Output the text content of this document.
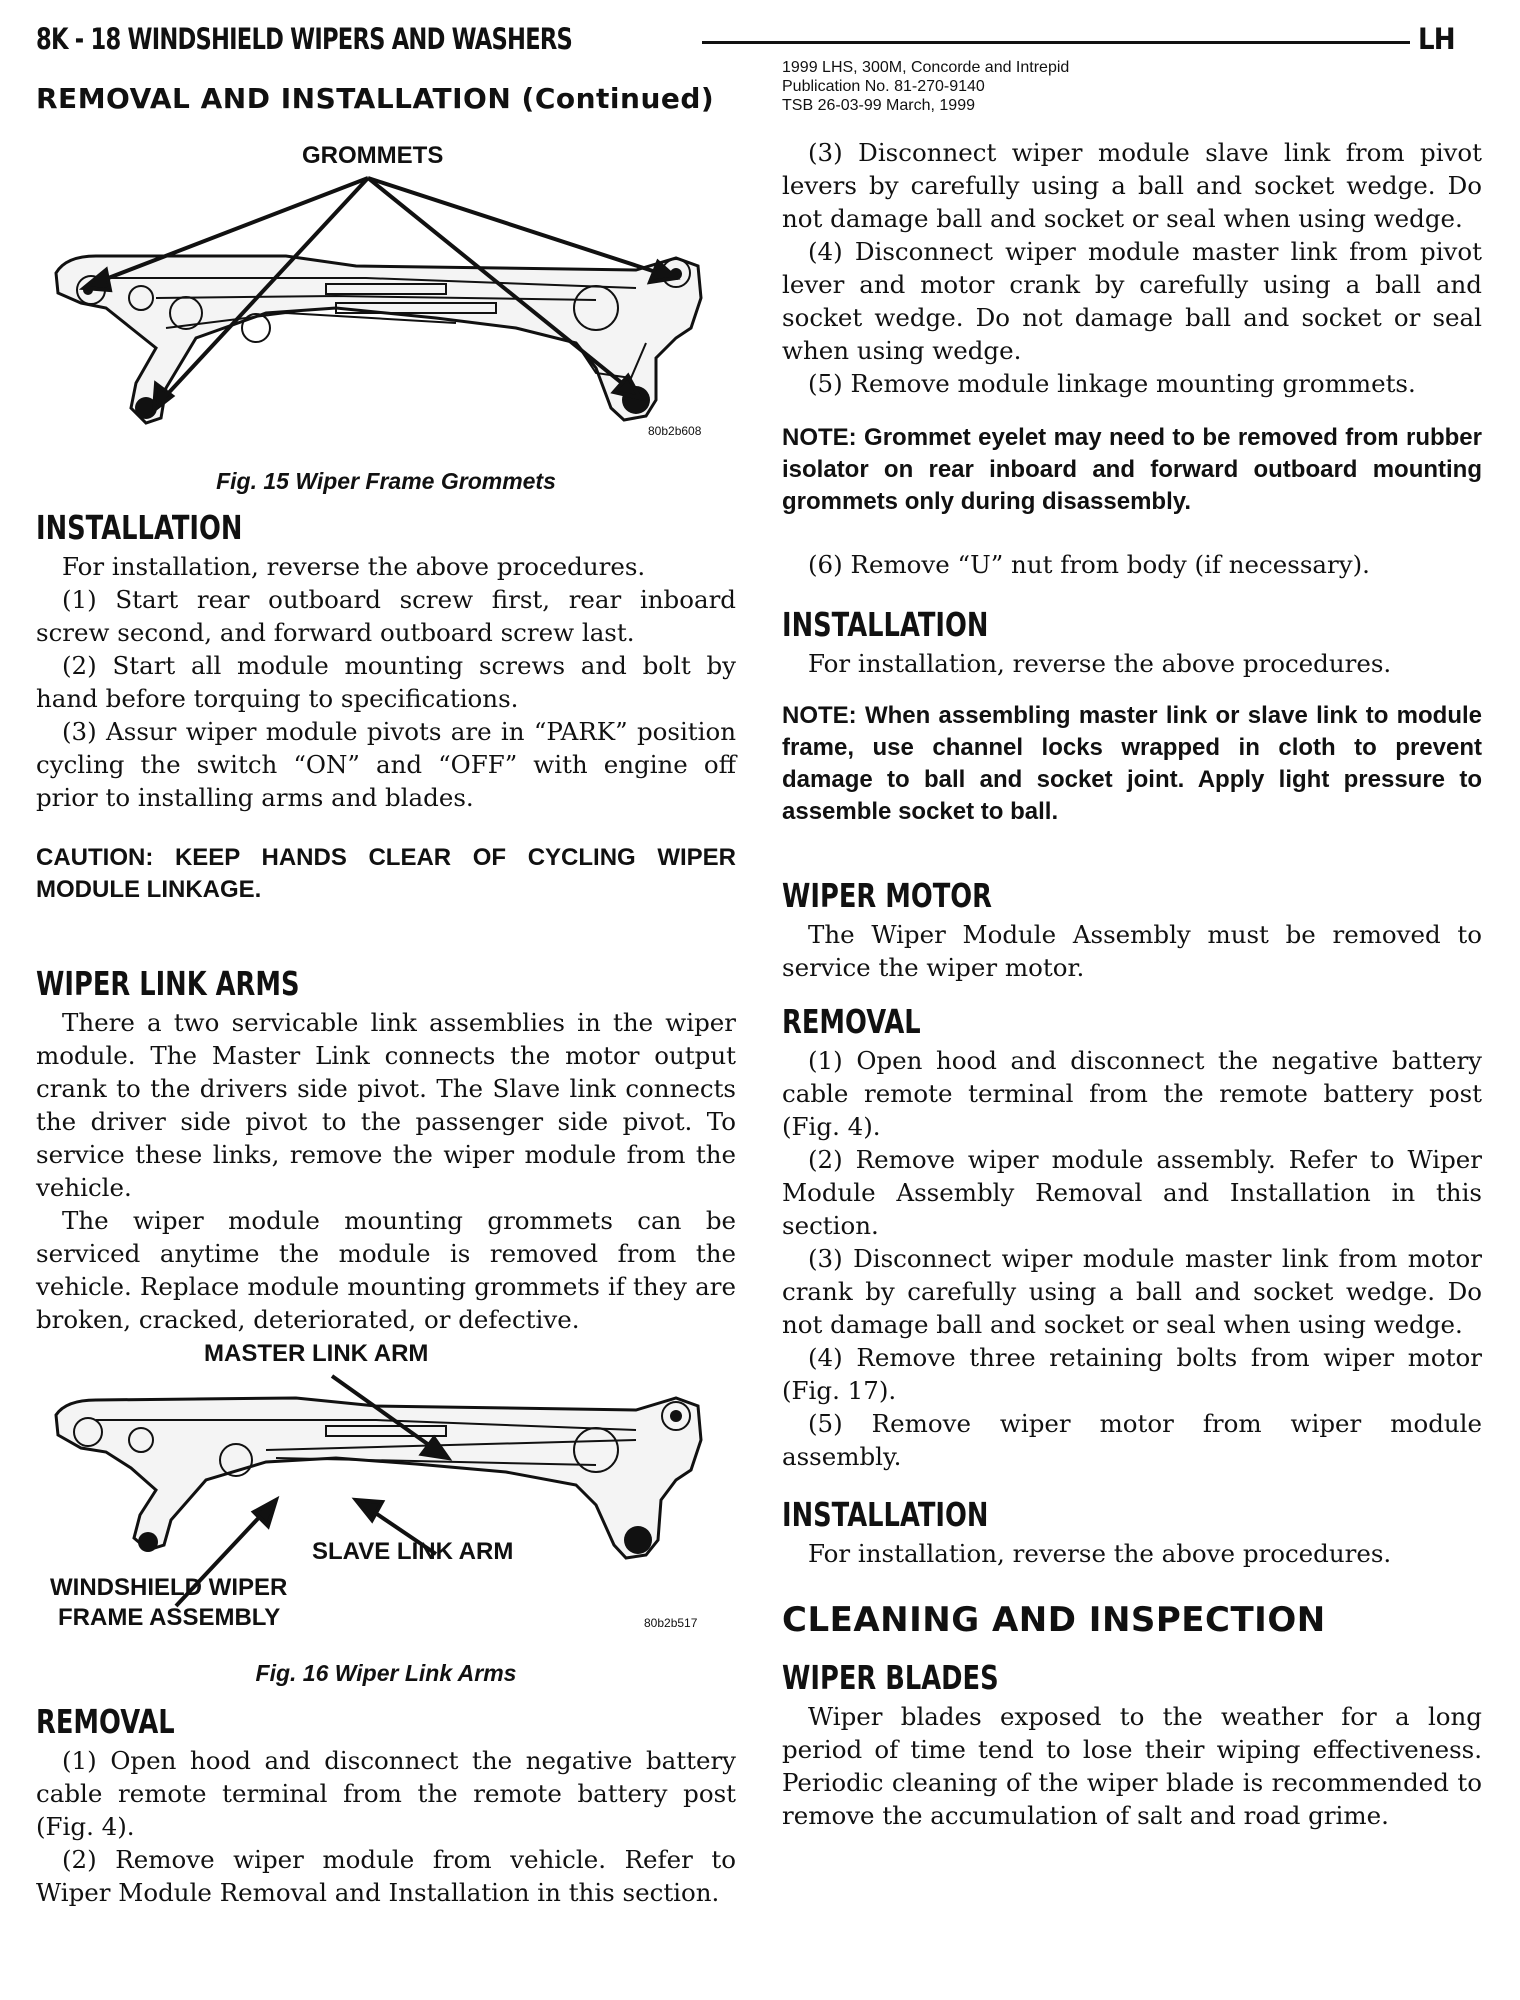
8K - 18 WINDSHIELD WIPERS AND WASHERS	LH
REMOVAL AND INSTALLATION (Continued)
1999 LHS, 300M, Concorde and Intrepid
Publication No. 81-270-9140
TSB 26-03-99 March, 1999
GROMMETS
80b2b608
Fig. 15 Wiper Frame Grommets
INSTALLATION

For installation, reverse the above procedures.

(1) Start rear outboard screw first, rear inboard screw second, and forward outboard screw last.

(2) Start all module mounting screws and bolt by hand before torquing to specifications.

(3) Assur wiper module pivots are in “PARK” position cycling the switch “ON” and “OFF” with engine off prior to installing arms and blades.

CAUTION: KEEP HANDS CLEAR OF CYCLING WIPER MODULE LINKAGE.

WIPER LINK ARMS

There a two servicable link assemblies in the wiper module. The Master Link connects the motor output crank to the drivers side pivot. The Slave link connects the driver side pivot to the passenger side pivot. To service these links, remove the wiper module from the vehicle.

The wiper module mounting grommets can be serviced anytime the module is removed from the vehicle. Replace module mounting grommets if they are broken, cracked, deteriorated, or defective.

MASTER LINK ARM
SLAVE LINK ARM
WINDSHIELD WIPER
FRAME ASSEMBLY	80b2b517
Fig. 16 Wiper Link Arms
REMOVAL

(1) Open hood and disconnect the negative battery cable remote terminal from the remote battery post (Fig. 4).

(2) Remove wiper module from vehicle. Refer to Wiper Module Removal and Installation in this section.

(3) Disconnect wiper module slave link from pivot levers by carefully using a ball and socket wedge. Do not damage ball and socket or seal when using wedge.

(4) Disconnect wiper module master link from pivot lever and motor crank by carefully using a ball and socket wedge. Do not damage ball and socket or seal when using wedge.

(5) Remove module linkage mounting grommets.

NOTE: Grommet eyelet may need to be removed from rubber isolator on rear inboard and forward outboard mounting grommets only during disassembly.

(6) Remove “U” nut from body (if necessary).

INSTALLATION

For installation, reverse the above procedures.

NOTE: When assembling master link or slave link to module frame, use channel locks wrapped in cloth to prevent damage to ball and socket joint. Apply light pressure to assemble socket to ball.

WIPER MOTOR

The Wiper Module Assembly must be removed to service the wiper motor.

REMOVAL

(1) Open hood and disconnect the negative battery cable remote terminal from the remote battery post (Fig. 4).

(2) Remove wiper module assembly. Refer to Wiper Module Assembly Removal and Installation in this section.

(3) Disconnect wiper module master link from motor crank by carefully using a ball and socket wedge. Do not damage ball and socket or seal when using wedge.

(4) Remove three retaining bolts from wiper motor (Fig. 17).

(5) Remove wiper motor from wiper module assembly.

INSTALLATION

For installation, reverse the above procedures.

CLEANING AND INSPECTION
WIPER BLADES

Wiper blades exposed to the weather for a long period of time tend to lose their wiping effectiveness. Periodic cleaning of the wiper blade is recommended to remove the accumulation of salt and road grime.
